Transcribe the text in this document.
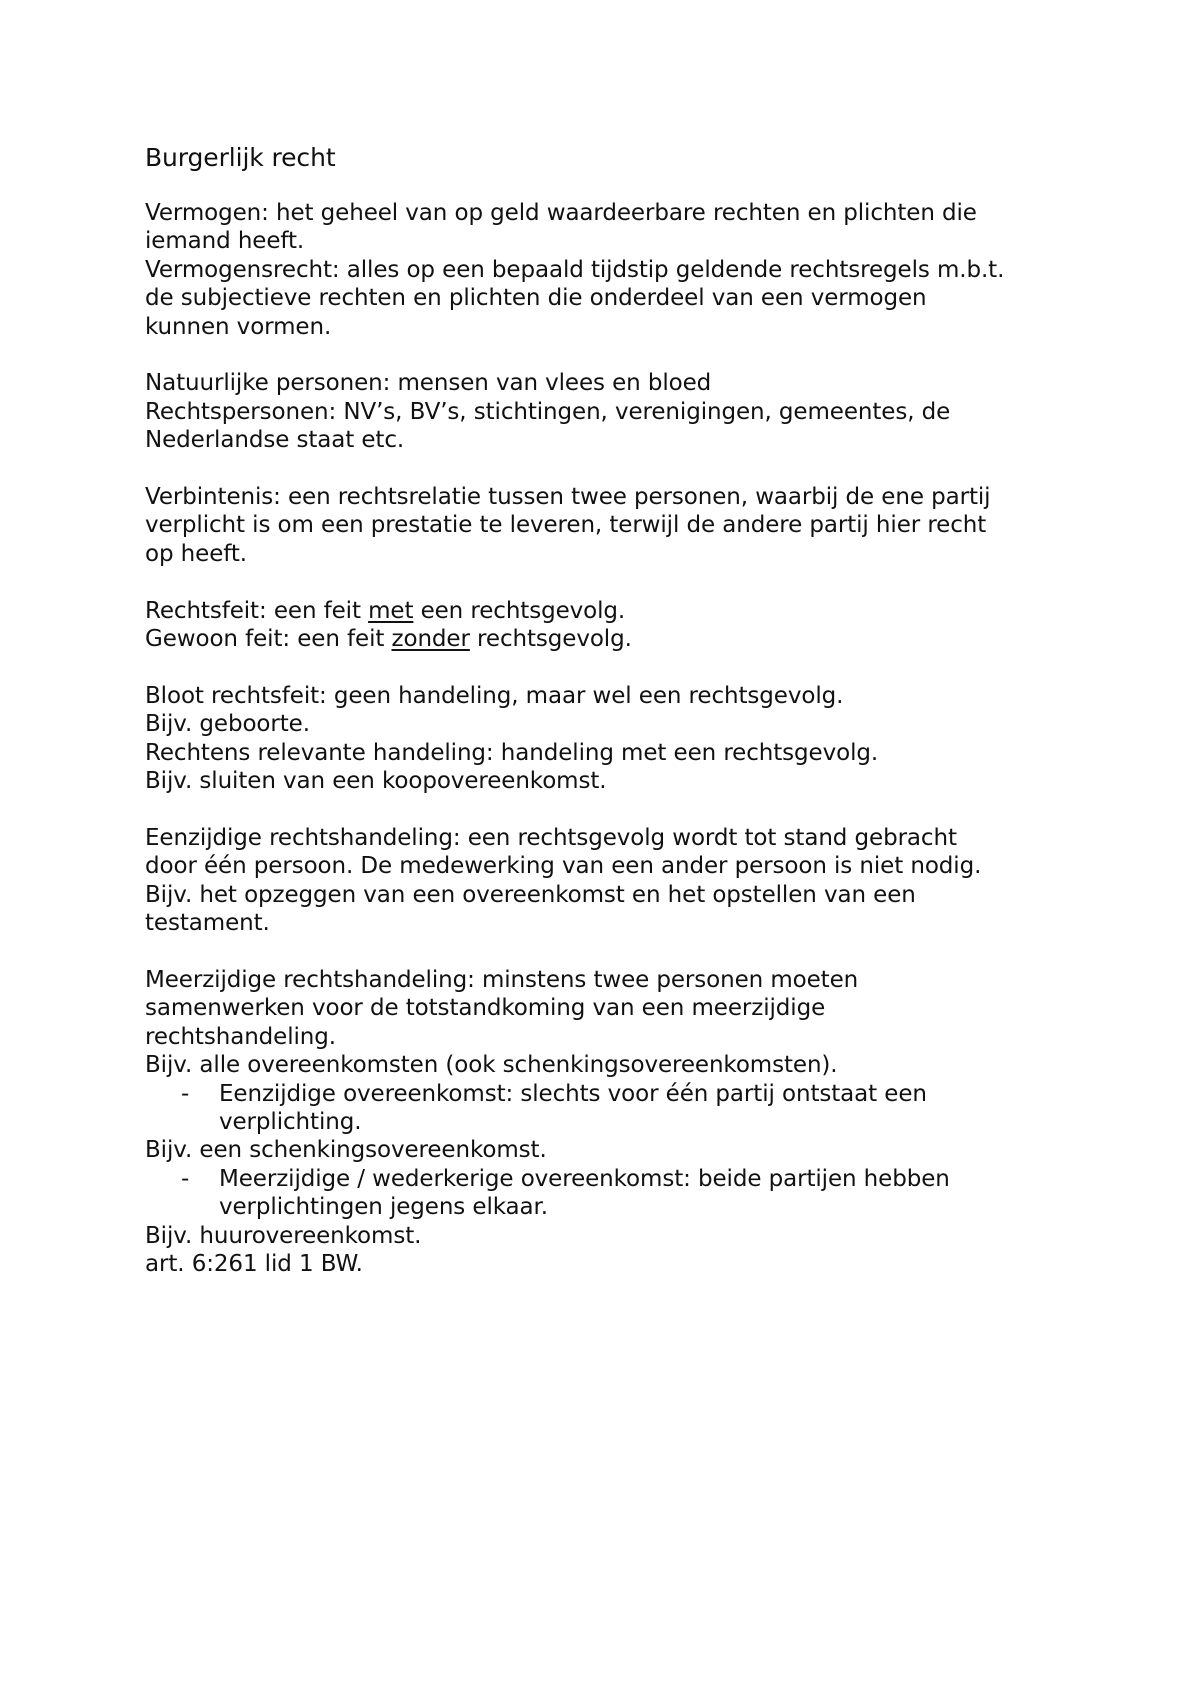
Burgerlijk recht
Vermogen: het geheel van op geld waardeerbare rechten en plichten die
iemand heeft.
Vermogensrecht: alles op een bepaald tijdstip geldende rechtsregels m.b.t.
de subjectieve rechten en plichten die onderdeel van een vermogen
kunnen vormen.
Natuurlijke personen: mensen van vlees en bloed
Rechtspersonen: NV’s, BV’s, stichtingen, verenigingen, gemeentes, de
Nederlandse staat etc.
Verbintenis: een rechtsrelatie tussen twee personen, waarbij de ene partij
verplicht is om een prestatie te leveren, terwijl de andere partij hier recht
op heeft.
Rechtsfeit: een feit met een rechtsgevolg.
Gewoon feit: een feit zonder rechtsgevolg.
Bloot rechtsfeit: geen handeling, maar wel een rechtsgevolg.
Bijv. geboorte.
Rechtens relevante handeling: handeling met een rechtsgevolg.
Bijv. sluiten van een koopovereenkomst.
Eenzijdige rechtshandeling: een rechtsgevolg wordt tot stand gebracht
door één persoon. De medewerking van een ander persoon is niet nodig.
Bijv. het opzeggen van een overeenkomst en het opstellen van een
testament.
Meerzijdige rechtshandeling: minstens twee personen moeten
samenwerken voor de totstandkoming van een meerzijdige
rechtshandeling.
Bijv. alle overeenkomsten (ook schenkingsovereenkomsten).
- Eenzijdige overeenkomst: slechts voor één partij ontstaat een
verplichting.
Bijv. een schenkingsovereenkomst.
- Meerzijdige / wederkerige overeenkomst: beide partijen hebben
verplichtingen jegens elkaar.
Bijv. huurovereenkomst.
art. 6:261 lid 1 BW.
